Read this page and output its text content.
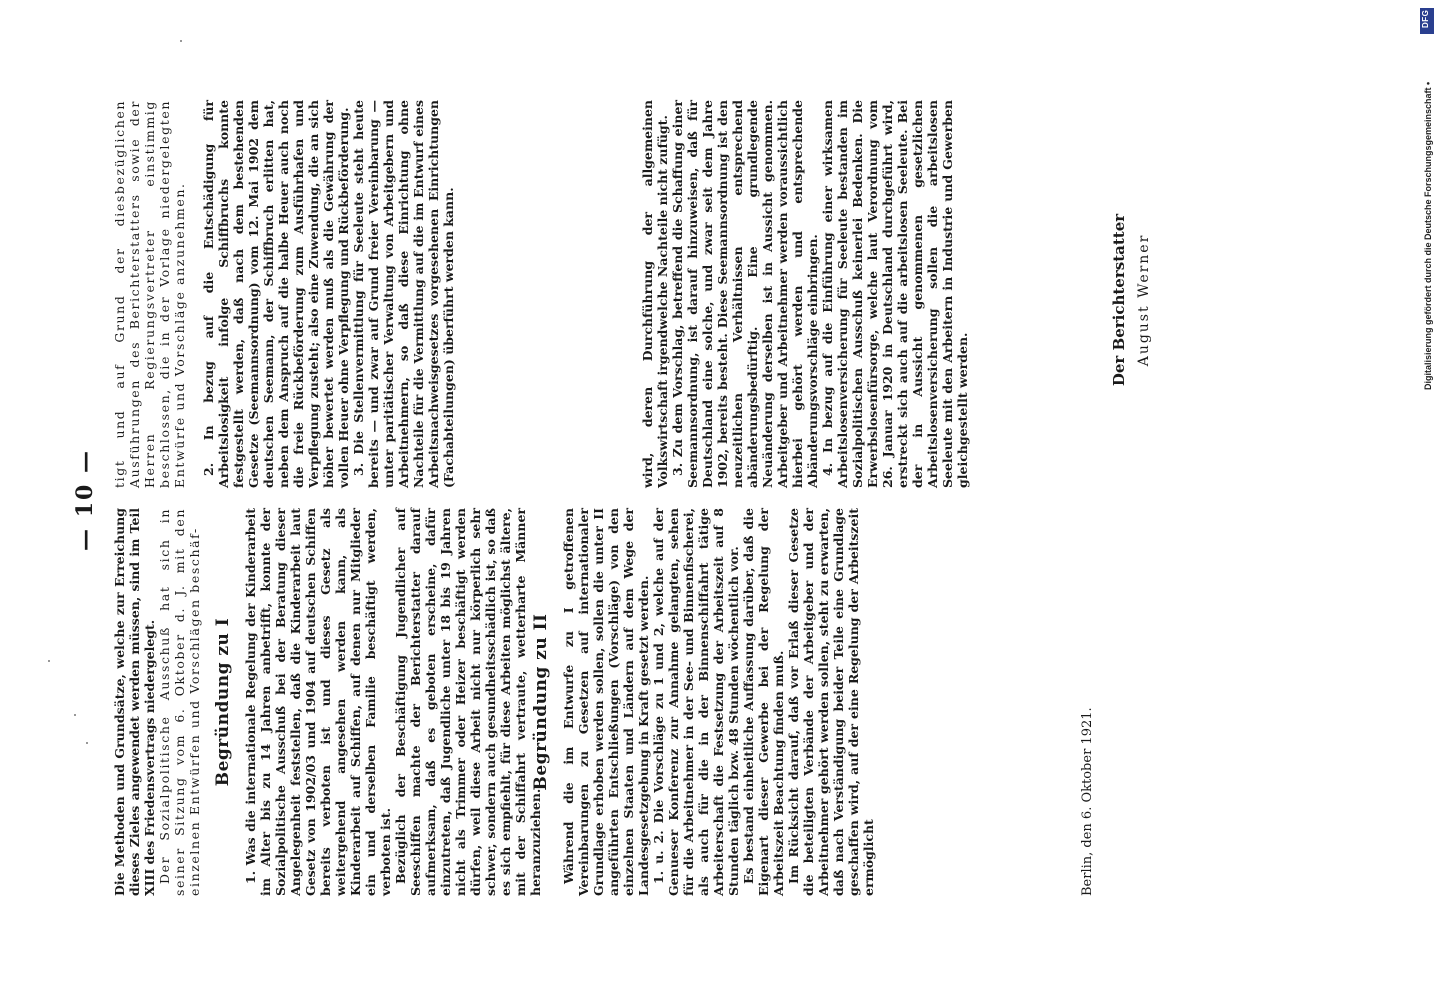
— 10 —

Die Methoden und Grundsätze, welche zur Erreichung dieses Zieles angewendet werden müssen, sind im Teil XIII des Friedensvertrags niedergelegt. Der Sozialpolitische Ausschuß hat sich in seiner Sitzung vom 6. Oktober d. J. mit den einzelnen Entwürfen und Vorschlägen beschäf- Begründung zu I 1. Was die internationale Regelung der Kinderarbeit im Alter bis zu 14 Jahren anbetrifft, konnte der Sozialpolitische Ausschuß bei der Beratung dieser Angelegenheit feststellen, daß die Kinderarbeit laut Gesetz von 1902/03 und 1904 auf deutschen Schiffen bereits verboten ist und dieses Gesetz als weitergehend angesehen werden kann, als Kinderarbeit auf Schiffen, auf denen nur Mitglieder ein und derselben Familie beschäftigt werden, verboten ist. Bezüglich der Beschäftigung Jugendlicher auf Seeschiffen machte der Berichterstatter darauf aufmerksam, daß es geboten erscheine, dafür einzutreten, daß Jugendliche unter 18 bis 19 Jahren nicht als Trimmer oder Heizer beschäftigt werden dürfen, weil diese Arbeit nicht nur körperlich sehr schwer, sondern auch gesundheitsschädlich ist, so daß es sich empfiehlt, für diese Arbeiten möglichst ältere, mit der Schiffahrt vertraute, wetterharte Männer heranzuziehen.

tigt und auf Grund der diesbezüglichen Ausführungen des Berichterstatters sowie der Herren Regierungsvertreter einstimmig beschlossen, die in der Vorlage niedergelegten Entwürfe und Vorschläge anzunehmen. 2. In bezug auf die Entschädigung für Arbeitslosigkeit infolge Schiffbruchs konnte festgestellt werden, daß nach dem bestehenden Gesetze (Seemannsordnung) vom 12. Mai 1902 dem deutschen Seemann, der Schiffbruch erlitten hat, neben dem Anspruch auf die halbe Heuer auch noch die freie Rückbeförderung zum Ausführhafen und Verpflegung zusteht; also eine Zuwendung, die an sich höher bewertet werden muß als die Gewährung der vollen Heuer ohne Verpflegung und Rückbeförderung. 3. Die Stellenvermittlung für Seeleute steht heute bereits — und zwar auf Grund freier Vereinbarung — unter paritätischer Verwaltung von Arbeitgebern und Arbeitnehmern, so daß diese Einrichtung ohne Nachteile für die Vermittlung auf die im Entwurf eines Arbeitsnachweisgesetzes vorgesehenen Einrichtungen (Fachabteilungen) überführt werden kann.

Begründung zu II Während die im Entwurfe zu I getroffenen Vereinbarungen zu Gesetzen auf internationaler Grundlage erhoben werden sollen, sollen die unter II angeführten Entschließungen (Vorschläge) von den einzelnen Staaten und Ländern auf dem Wege der Landesgesetzgebung in Kraft gesetzt werden. 1. u. 2. Die Vorschläge zu 1 und 2, welche auf der Genueser Konferenz zur Annahme gelangten, sehen für die Arbeitnehmer in der See- und Binnenfischerei, als auch für die in der Binnenschiffahrt tätige Arbeiterschaft die Festsetzung der Arbeitszeit auf 8 Stunden täglich bzw. 48 Stunden wöchentlich vor. Es bestand einheitliche Auffassung darüber, daß die Eigenart dieser Gewerbe bei der Regelung der Arbeitszeit Beachtung finden muß. Im Rücksicht darauf, daß vor Erlaß dieser Gesetze die beteiligten Verbände der Arbeitgeber und der Arbeitnehmer gehört werden sollen, steht zu erwarten, daß nach Verständigung beider Teile eine Grundlage geschaffen wird, auf der eine Regelung der Arbeitszeit ermöglicht

wird, deren Durchführung der allgemeinen Volkswirtschaft irgendwelche Nachteile nicht zufügt. 3. Zu dem Vorschlag, betreffend die Schaffung einer Seemannsordnung, ist darauf hinzuweisen, daß für Deutschland eine solche, und zwar seit dem Jahre 1902, bereits besteht. Diese Seemannsordnung ist den neuzeitlichen Verhältnissen entsprechend abänderungsbedürftig. Eine grundlegende Neuänderung derselben ist in Aussicht genommen. Arbeitgeber und Arbeitnehmer werden voraussichtlich hierbei gehört werden und entsprechende Abänderungsvorschläge einbringen. 4. In bezug auf die Einführung einer wirksamen Arbeitslosenversicherung für Seeleute bestanden im Sozialpolitischen Ausschuß keinerlei Bedenken. Die Erwerbslosenfürsorge, welche laut Verordnung vom 26. Januar 1920 in Deutschland durchgeführt wird, erstreckt sich auch auf die arbeitslosen Seeleute. Bei der in Aussicht genommenen gesetzlichen Arbeitslosenversicherung sollen die arbeitslosen Seeleute mit den Arbeitern in Industrie und Gewerben gleichgestellt werden.

Berlin, den 6. Oktober 1921.
Der Berichterstatter August Werner	Digitalisierung gefördert durch die Deutsche Forschungsgemeinschaft •
DFG
